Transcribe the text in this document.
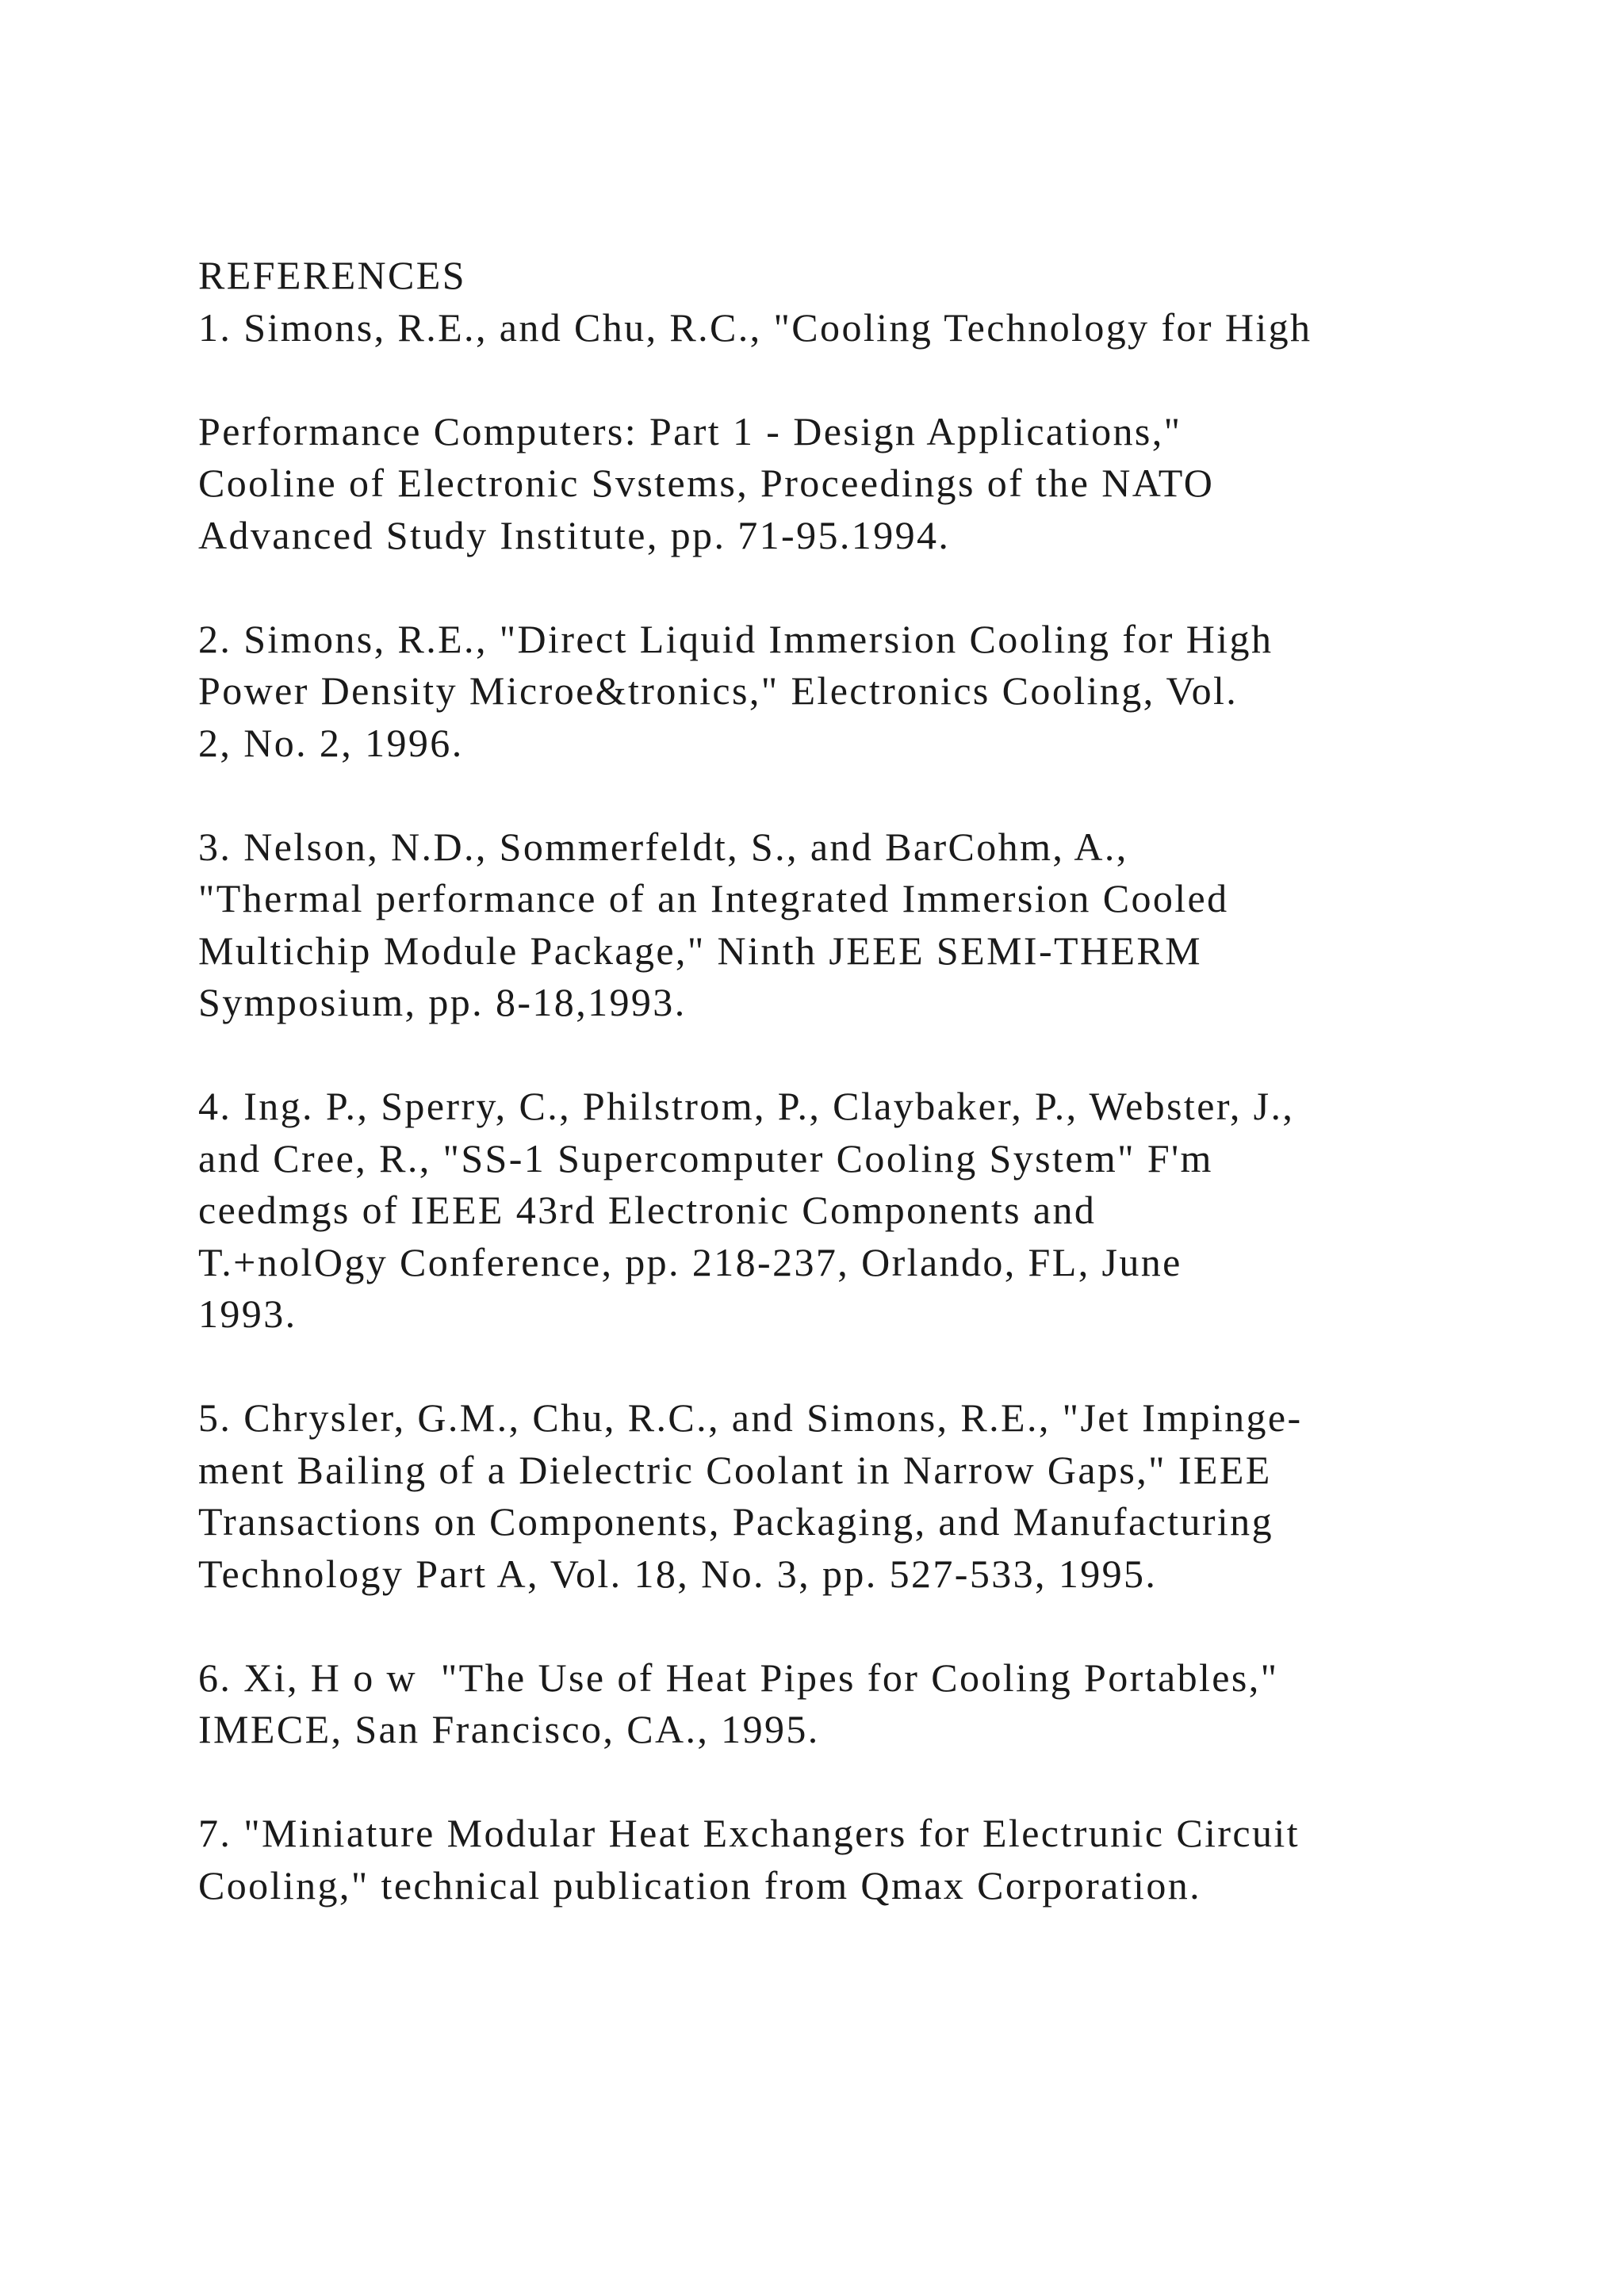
REFERENCES
1. Simons, R.E., and Chu, R.C., "Cooling Technology for High
Performance Computers: Part 1 - Design Applications,"
Cooline of Electronic Svstems, Proceedings of the NATO
Advanced Study Institute, pp. 71-95.1994.
2. Simons, R.E., "Direct Liquid Immersion Cooling for High
Power Density Microe&tronics," Electronics Cooling, Vol.
2, No. 2, 1996.
3. Nelson, N.D., Sommerfeldt, S., and BarCohm, A.,
"Thermal performance of an Integrated Immersion Cooled
Multichip Module Package," Ninth JEEE SEMI-THERM
Symposium, pp. 8-18,1993.
4. Ing. P., Sperry, C., Philstrom, P., Claybaker, P., Webster, J.,
and Cree, R., "SS-1 Supercomputer Cooling System" F'm
ceedmgs of IEEE 43rd Electronic Components and
T.+nolOgy Conference, pp. 218-237, Orlando, FL, June
1993.
5. Chrysler, G.M., Chu, R.C., and Simons, R.E., "Jet Impinge-
ment Bailing of a Dielectric Coolant in Narrow Gaps," IEEE
Transactions on Components, Packaging, and Manufacturing
Technology Part A, Vol. 18, No. 3, pp. 527-533, 1995.
6. Xi, H o w  "The Use of Heat Pipes for Cooling Portables,"
IMECE, San Francisco, CA., 1995.
7. "Miniature Modular Heat Exchangers for Electrunic Circuit
Cooling," technical publication from Qmax Corporation.
